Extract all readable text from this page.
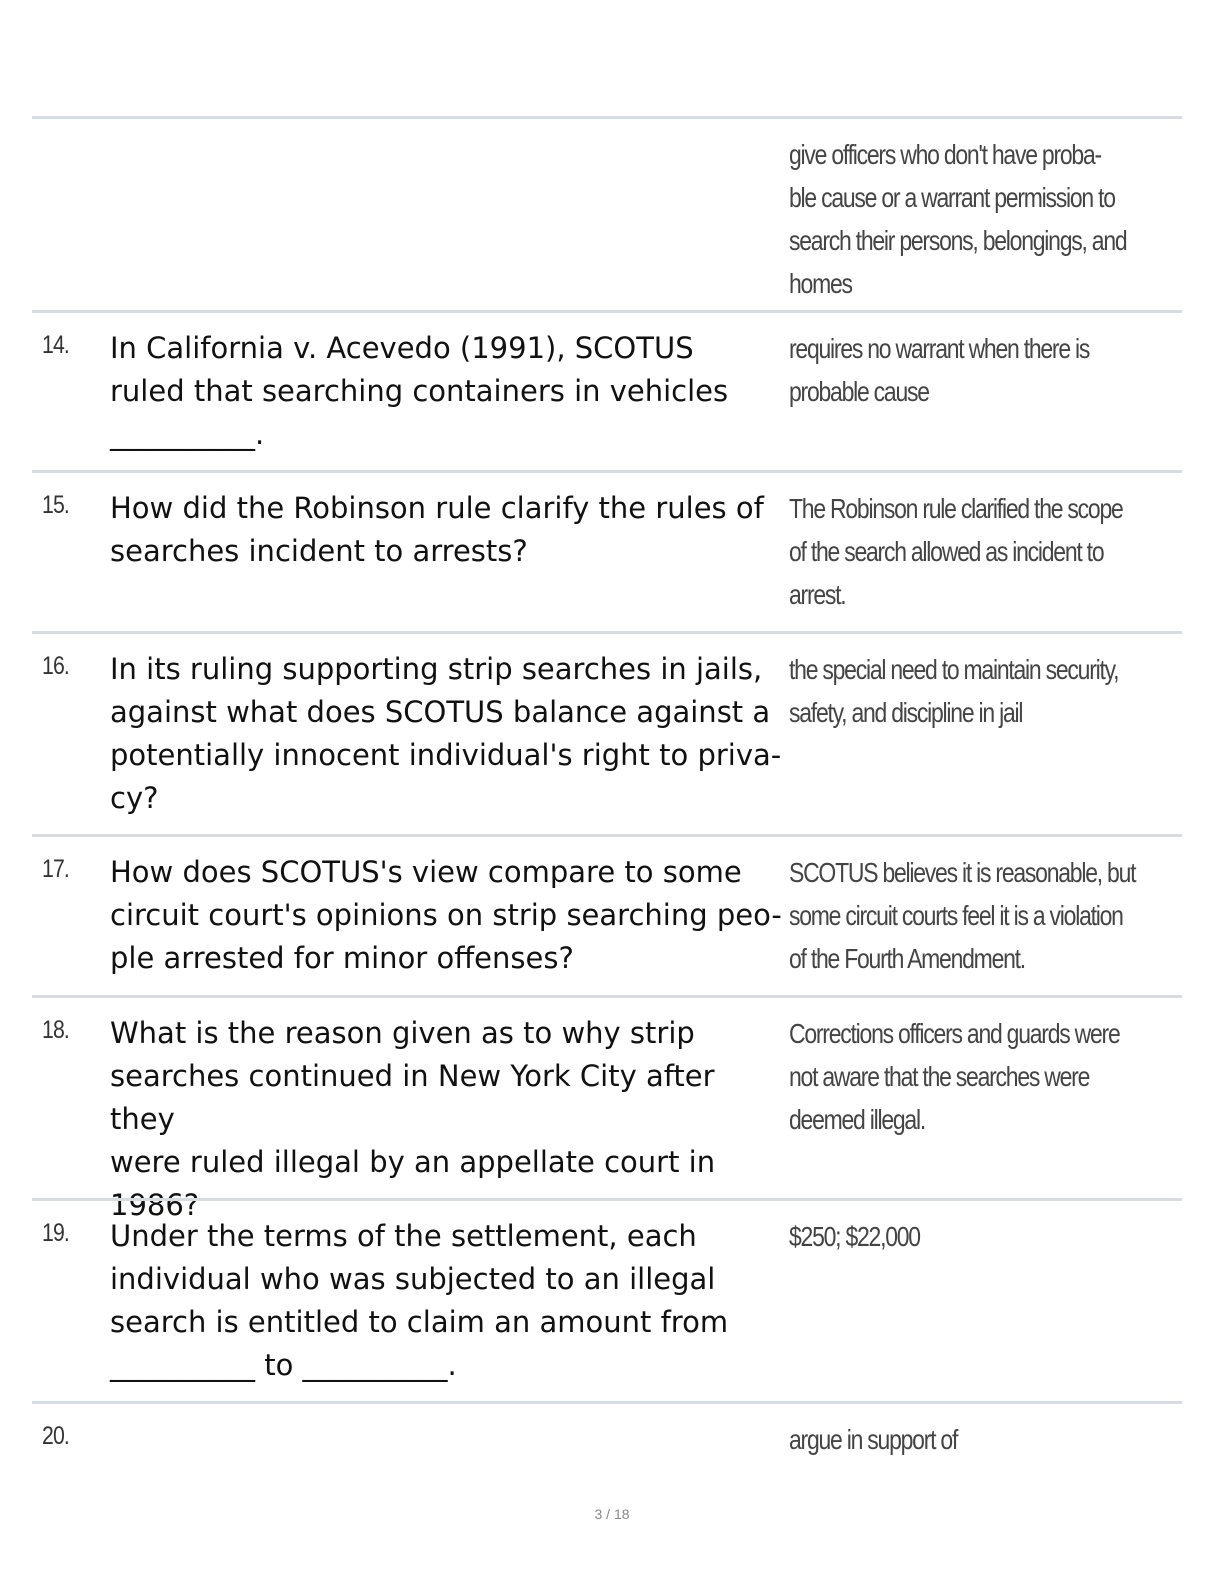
give officers who don't have proba-
ble cause or a warrant permission to
search their persons, belongings, and
homes
14. In California v. Acevedo (1991), SCOTUS
ruled that searching containers in vehicles
__________.
requires no warrant when there is
probable cause
15. How did the Robinson rule clarify the rules of
searches incident to arrests?
The Robinson rule clarified the scope
of the search allowed as incident to
arrest.
16. In its ruling supporting strip searches in jails,
against what does SCOTUS balance against a
potentially innocent individual's right to priva-
cy?
the special need to maintain security,
safety, and discipline in jail
17. How does SCOTUS's view compare to some
circuit court's opinions on strip searching peo-
ple arrested for minor offenses?
SCOTUS believes it is reasonable, but
some circuit courts feel it is a violation
of the Fourth Amendment.
18. What is the reason given as to why strip
searches continued in New York City after they
were ruled illegal by an appellate court in
1986?
Corrections officers and guards were
not aware that the searches were
deemed illegal.
19. Under the terms of the settlement, each
individual who was subjected to an illegal
search is entitled to claim an amount from
__________ to __________.
$250; $22,000
20.	argue in support of
3 / 18
